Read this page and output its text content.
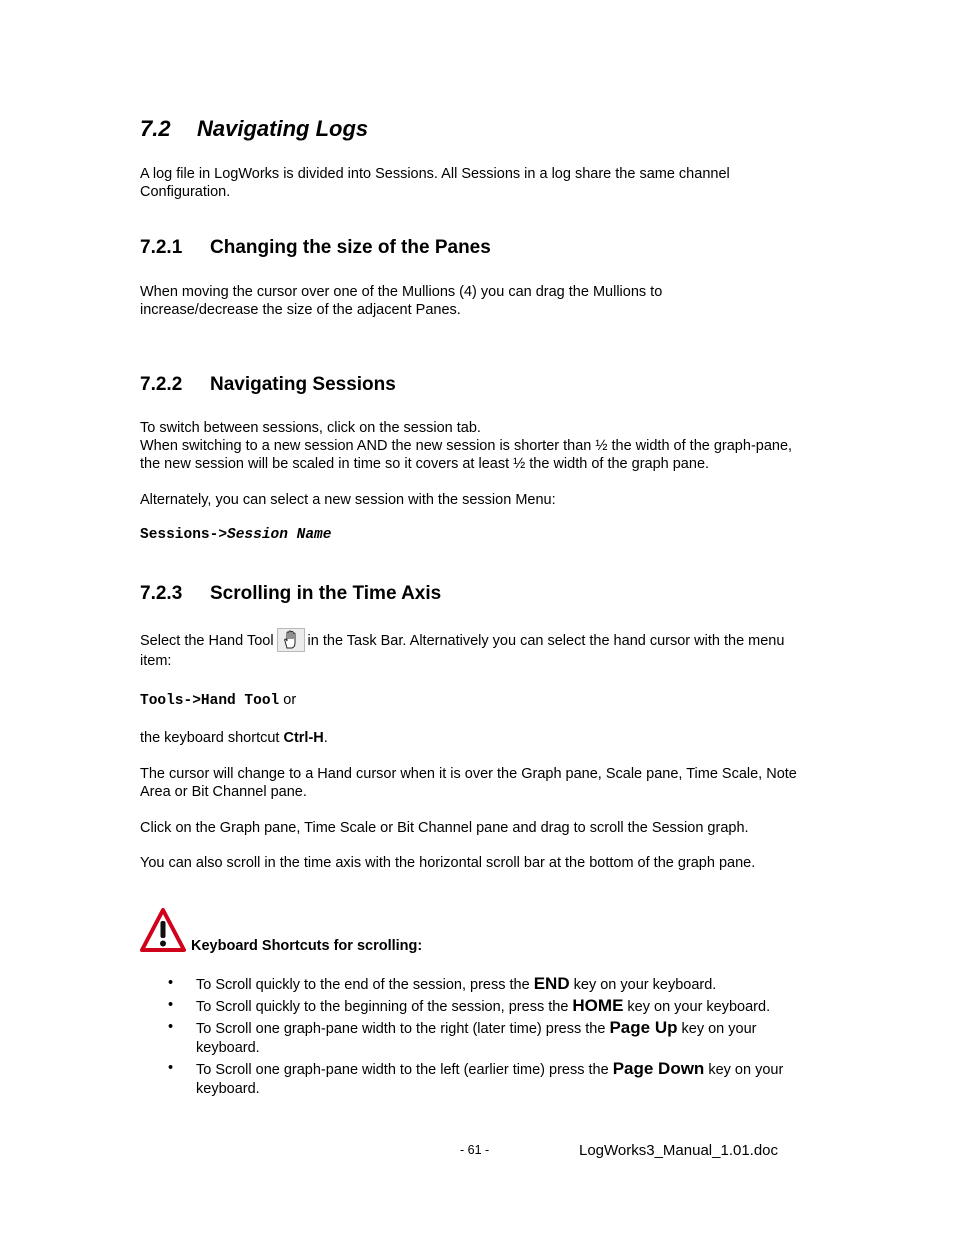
7.2 Navigating Logs

A log file in LogWorks is divided into Sessions. All Sessions in a log share the same channel Configuration.

7.2.1 Changing the size of the Panes

When moving the cursor over one of the Mullions (4) you can drag the Mullions to increase/decrease the size of the adjacent Panes.

7.2.2 Navigating Sessions

To switch between sessions, click on the session tab.

When switching to a new session AND the new session is shorter than ½ the width of the graph-pane, the new session will be scaled in time so it covers at least ½ the width of the graph pane.

Alternately, you can select a new session with the session Menu:

Sessions->Session Name
7.2.3 Scrolling in the Time Axis
Select the Hand Tool in the Task Bar. Alternatively you can select the hand cursor with the menu item:
Tools->Hand Tool or

the keyboard shortcut Ctrl-H.

The cursor will change to a Hand cursor when it is over the Graph pane, Scale pane, Time Scale, Note Area or Bit Channel pane.

Click on the Graph pane, Time Scale or Bit Channel pane and drag to scroll the Session graph.

You can also scroll in the time axis with the horizontal scroll bar at the bottom of the graph pane.

Keyboard Shortcuts for scrolling:
• To Scroll quickly to the end of the session, press the END key on your keyboard.
• To Scroll quickly to the beginning of the session, press the HOME key on your keyboard.
• To Scroll one graph-pane width to the right (later time) press the Page Up key on your keyboard.
• To Scroll one graph-pane width to the left (earlier time) press the Page Down key on your keyboard.
- 61 -	LogWorks3_Manual_1.01.doc
